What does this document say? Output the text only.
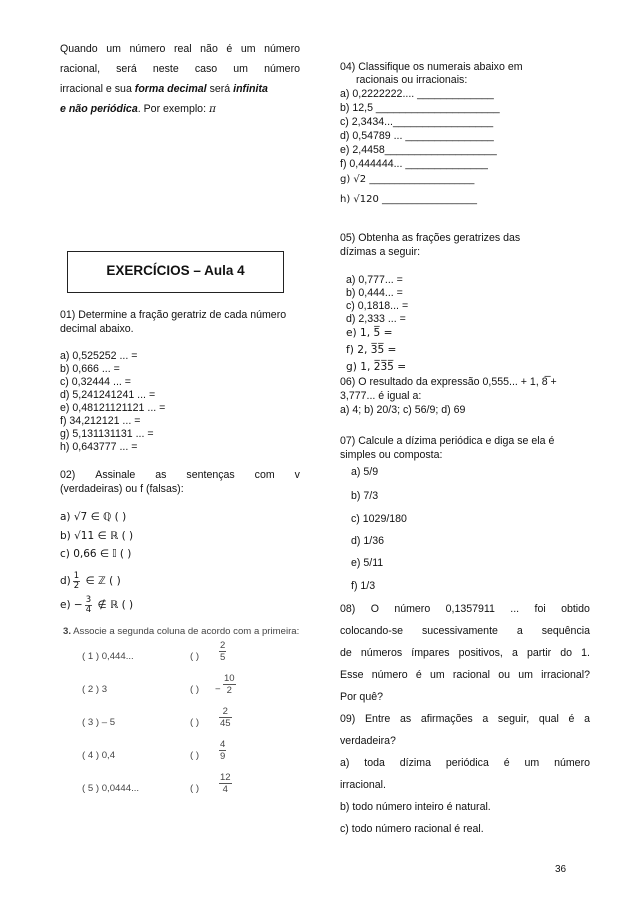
Quando um número real não é um número
racional, será neste caso um número
irracional e sua forma decimal será infinita
e não periódica. Por exemplo: π
EXERCÍCIOS – Aula 4
01) Determine a fração geratriz de cada número
decimal abaixo.
a) 0,525252 ... =
b) 0,666 ... =
c) 0,32444 ... =
d) 5,241241241 ... =
e) 0,48121121121 ... =
f) 34,212121 ... =
g) 5,131131131 ... =
h) 0,643777 ... =
02) Assinale as sentenças com v
(verdadeiras) ou f (falsas):
a) √7 ∈ ℚ ( )
b) √11 ∈ ℝ ( )
c) 0,66 ∈ 𝕀 ( )
$d) \frac{1}{2}$ ∈ ℤ ( )
$e) - \frac{3}{4}$ ∉ ℝ ( )
3. Associe a segunda coluna de acordo com a primeira:
( 1 ) 0,444...
( 2 ) 3
( 3 ) – 5
( 4 ) 0,4
( 5 ) 0,0444...
( ) $\frac{2}{5}$
( ) − $\frac{10}{2}$
( ) $\frac{2}{45}$
( ) $\frac{4}{9}$
( ) $\frac{12}{4}$
04) Classifique os numerais abaixo em
racionais ou irracionais:
a) 0,2222222.... _____________
b) 12,5 _____________________
c) 2,3434..._________________
d) 0,54789 ... _______________
e) 2,4458___________________
f) 0,444444... ______________
g) √2 _____________________
h) √120 ___________________
05) Obtenha as frações geratrizes das
dízimas a seguir:
a) 0,777... =
b) 0,444... =
c) 0,1818... =
d) 2,333 ... =
e) 1, 5̅ =
f) 2, 3̅5̅ =
g) 1, 2̅3̅5̅ =
06) O resultado da expressão 0,555... + 1, 8̅ +
3,777... é igual a:
a) 4; b) 20/3; c) 56/9; d) 69
07) Calcule a dízima periódica e diga se ela é
simples ou composta:
a) 5/9
b) 7/3
c) 1029/180
d) 1/36
e) 5/11
f) 1/3
08) O número 0,1357911 ... foi obtido
colocando-se sucessivamente a sequência
de números ímpares positivos, a partir do 1.
Esse número é um racional ou um irracional?
Por quê?
09) Entre as afirmações a seguir, qual é a
verdadeira?
a) toda dízima periódica é um número
irracional.
b) todo número inteiro é natural.
c) todo número racional é real.
36
